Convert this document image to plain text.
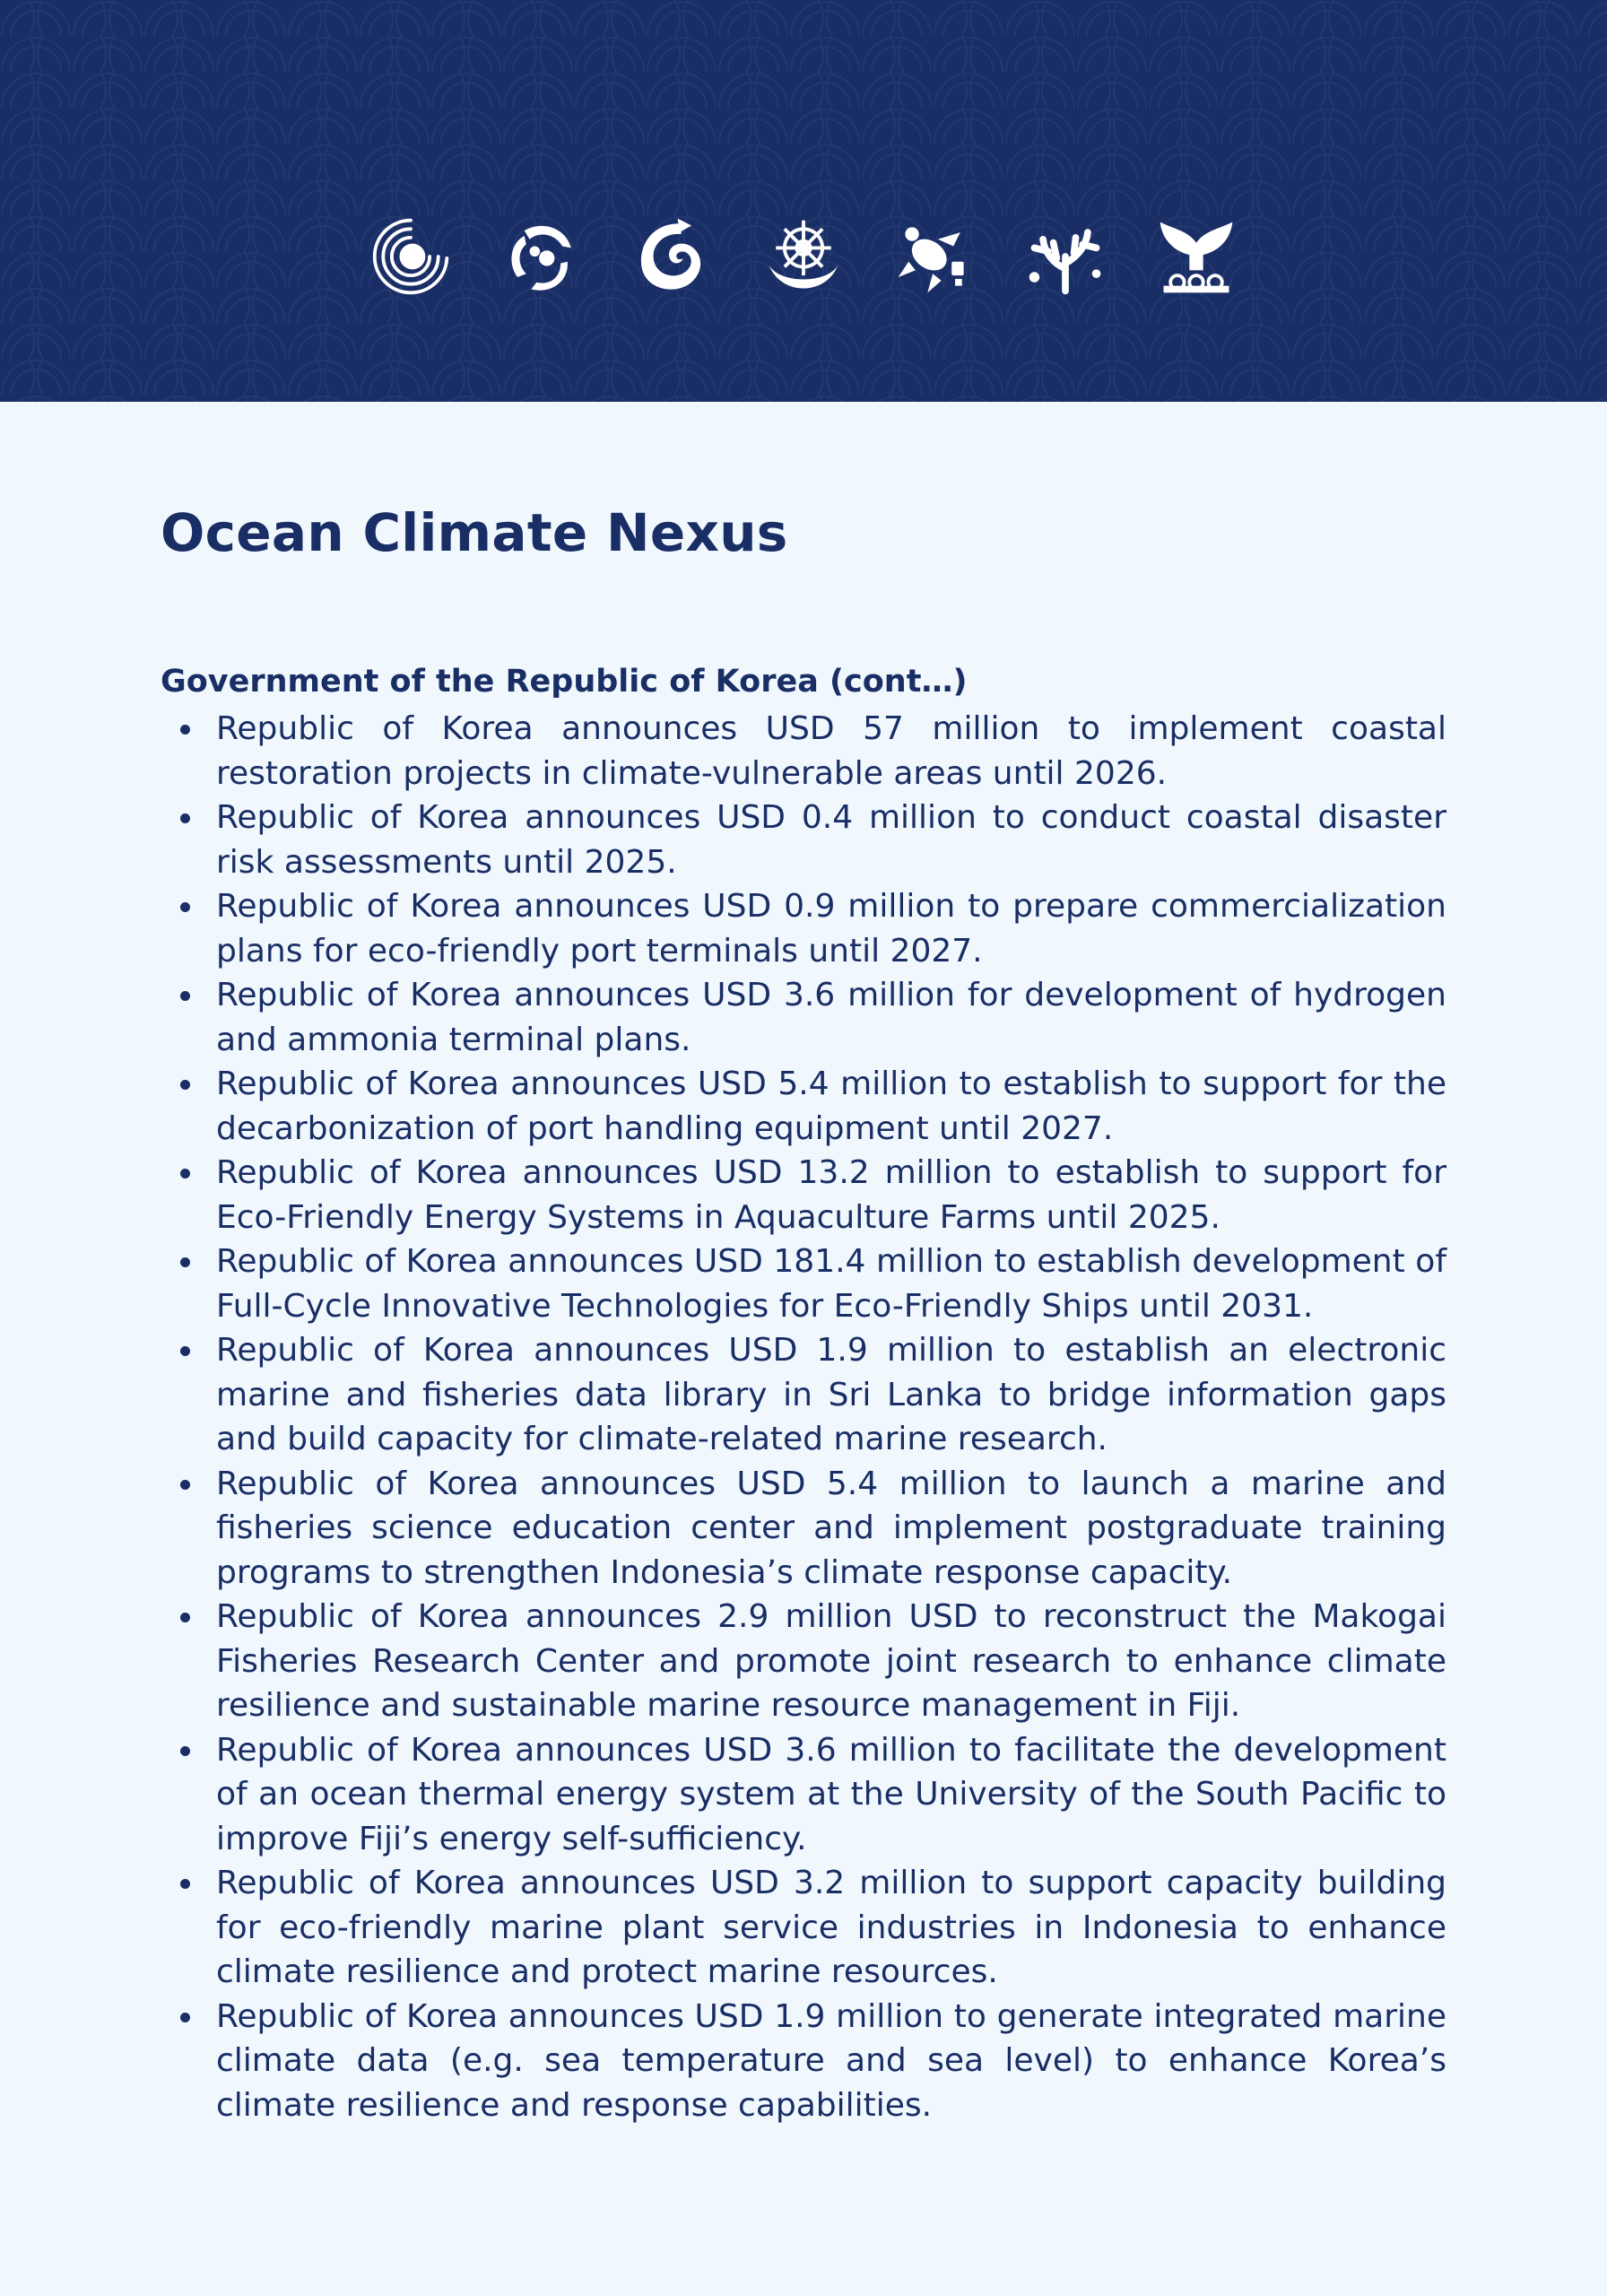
Ocean Climate Nexus
Government of the Republic of Korea (cont…)
Republic of Korea announces USD 57 million to implement coastal restoration projects in climate-vulnerable areas until 2026.
Republic of Korea announces USD 0.4 million to conduct coastal disaster risk assessments until 2025.
Republic of Korea announces USD 0.9 million to prepare commercialization plans for eco-friendly port terminals until 2027.
Republic of Korea announces USD 3.6 million for development of hydrogen and ammonia terminal plans.
Republic of Korea announces USD 5.4 million to establish to support for the decarbonization of port handling equipment until 2027.
Republic of Korea announces USD 13.2 million to establish to support for Eco-Friendly Energy Systems in Aquaculture Farms until 2025.
Republic of Korea announces USD 181.4 million to establish development of Full-Cycle Innovative Technologies for Eco-Friendly Ships until 2031.
Republic of Korea announces USD 1.9 million to establish an electronic marine and fisheries data library in Sri Lanka to bridge information gaps and build capacity for climate-related marine research.
Republic of Korea announces USD 5.4 million to launch a marine and fisheries science education center and implement postgraduate training programs to strengthen Indonesia’s climate response capacity.
Republic of Korea announces 2.9 million USD to reconstruct the Makogai Fisheries Research Center and promote joint research to enhance climate resilience and sustainable marine resource management in Fiji.
Republic of Korea announces USD 3.6 million to facilitate the development of an ocean thermal energy system at the University of the South Pacific to improve Fiji’s energy self-sufficiency.
Republic of Korea announces USD 3.2 million to support capacity building for eco-friendly marine plant service industries in Indonesia to enhance climate resilience and protect marine resources.
Republic of Korea announces USD 1.9 million to generate integrated marine climate data (e.g. sea temperature and sea level) to enhance Korea’s climate resilience and response capabilities.
